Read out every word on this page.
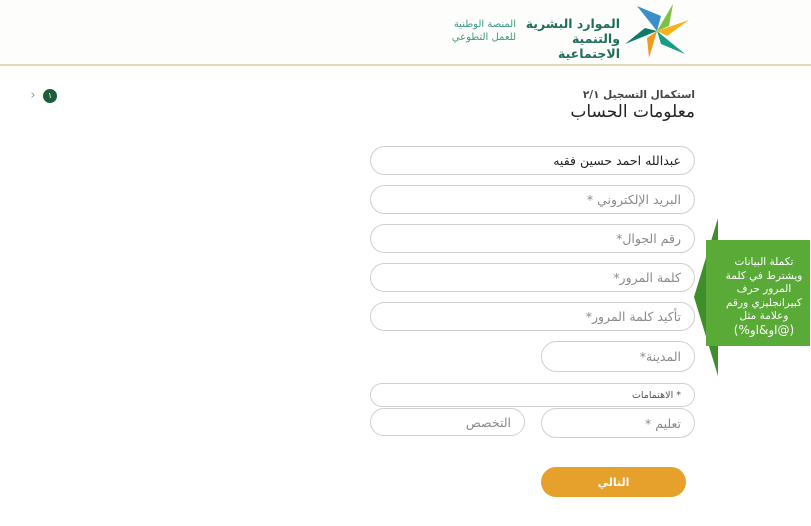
الموارد البشرية
والتنمية الاجتماعية
المنصة الوطنية
للعمل التطوعي
›	١	استكمال التسجيل ٢/١
معلومات الحساب
عبدالله احمد حسين فقيه
البريد الإلكتروني *
رقم الجوال*
كلمة المرور*
تأكيد كلمة المرور*
المدينة*
* الاهتمامات
تعليم *
التخصص
تكملة البيانات
ويشترط في كلمة
المرور حرف
كبيرانجليزي ورقم
وعلامة مثل
(@او&او%)
التالي
